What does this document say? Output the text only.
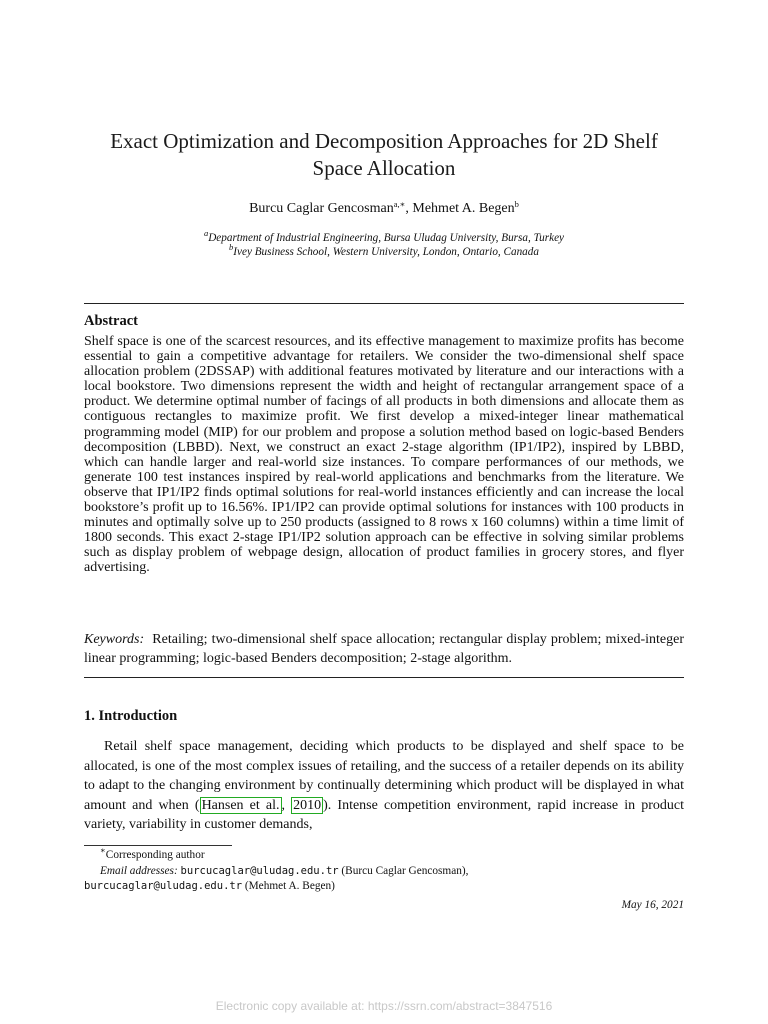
Exact Optimization and Decomposition Approaches for 2D Shelf Space Allocation
Burcu Caglar Gencosman$^{a,∗}$, Mehmet A. Begen$^b$
$^a$Department of Industrial Engineering, Bursa Uludag University, Bursa, Turkey
$^b$Ivey Business School, Western University, London, Ontario, Canada
Abstract
Shelf space is one of the scarcest resources, and its effective management to maximize profits has become essential to gain a competitive advantage for retailers. We consider the two-dimensional shelf space allocation problem (2DSSAP) with additional features motivated by literature and our interactions with a local bookstore. Two dimensions represent the width and height of rectangular arrangement space of a product. We determine optimal number of facings of all products in both dimensions and allocate them as contiguous rectangles to maximize profit. We first develop a mixed-integer linear mathematical programming model (MIP) for our problem and propose a solution method based on logic-based Benders decomposition (LBBD). Next, we construct an exact 2-stage algorithm (IP1/IP2), inspired by LBBD, which can handle larger and real-world size instances. To compare performances of our methods, we generate 100 test instances inspired by real-world applications and benchmarks from the literature. We observe that IP1/IP2 finds optimal solutions for real-world instances efficiently and can increase the local bookstore’s profit up to 16.56%. IP1/IP2 can provide optimal solutions for instances with 100 products in minutes and optimally solve up to 250 products (assigned to 8 rows x 160 columns) within a time limit of 1800 seconds. This exact 2-stage IP1/IP2 solution approach can be effective in solving similar problems such as display problem of webpage design, allocation of product families in grocery stores, and flyer advertising.
Keywords: Retailing; two-dimensional shelf space allocation; rectangular display problem; mixed-integer linear programming; logic-based Benders decomposition; 2-stage algorithm.
1. Introduction
Retail shelf space management, deciding which products to be displayed and shelf space to be allocated, is one of the most complex issues of retailing, and the success of a retailer depends on its ability to adapt to the changing environment by continually determining which product will be displayed in what amount and when ( Hansen et al. , 2010 ). Intense competition environment, rapid increase in product variety, variability in customer demands,
∗Corresponding author
Email addresses: burcucaglar@uludag.edu.tr (Burcu Caglar Gencosman),
burcucaglar@uludag.edu.tr (Mehmet A. Begen)
May 16, 2021
Electronic copy available at: https://ssrn.com/abstract=3847516
